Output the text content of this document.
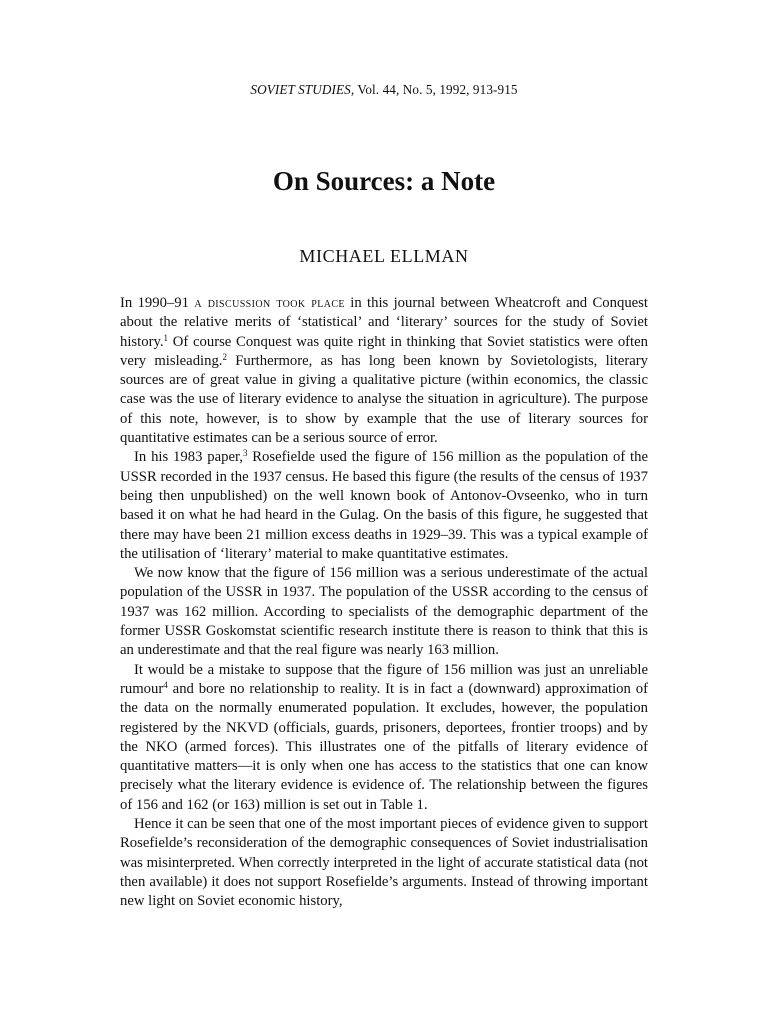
SOVIET STUDIES, Vol. 44, No. 5, 1992, 913-915
On Sources: a Note
MICHAEL ELLMAN

In 1990–91 a discussion took place in this journal between Wheatcroft and Conquest about the relative merits of ‘statistical’ and ‘literary’ sources for the study of Soviet history.$^1$ Of course Conquest was quite right in thinking that Soviet statistics were often very misleading.$^2$ Furthermore, as has long been known by Sovietologists, literary sources are of great value in giving a qualitative picture (within economics, the classic case was the use of literary evidence to analyse the situation in agriculture). The purpose of this note, however, is to show by example that the use of literary sources for quantitative estimates can be a serious source of error.

In his 1983 paper,$^3$ Rosefielde used the figure of 156 million as the population of the USSR recorded in the 1937 census. He based this figure (the results of the census of 1937 being then unpublished) on the well known book of Antonov-Ovseenko, who in turn based it on what he had heard in the Gulag. On the basis of this figure, he suggested that there may have been 21 million excess deaths in 1929–39. This was a typical example of the utilisation of ‘literary’ material to make quantitative estimates.

We now know that the figure of 156 million was a serious underestimate of the actual population of the USSR in 1937. The population of the USSR according to the census of 1937 was 162 million. According to specialists of the demographic department of the former USSR Goskomstat scientific research institute there is reason to think that this is an underestimate and that the real figure was nearly 163 million.

It would be a mistake to suppose that the figure of 156 million was just an unreliable rumour$^4$ and bore no relationship to reality. It is in fact a (downward) approximation of the data on the normally enumerated population. It excludes, however, the population registered by the NKVD (officials, guards, prisoners, deportees, frontier troops) and by the NKO (armed forces). This illustrates one of the pitfalls of literary evidence of quantitative matters—it is only when one has access to the statistics that one can know precisely what the literary evidence is evidence of. The relationship between the figures of 156 and 162 (or 163) million is set out in Table 1.

Hence it can be seen that one of the most important pieces of evidence given to support Rosefielde’s reconsideration of the demographic consequences of Soviet industrialisation was misinterpreted. When correctly interpreted in the light of accurate statistical data (not then available) it does not support Rosefielde’s arguments. Instead of throwing important new light on Soviet economic history,
